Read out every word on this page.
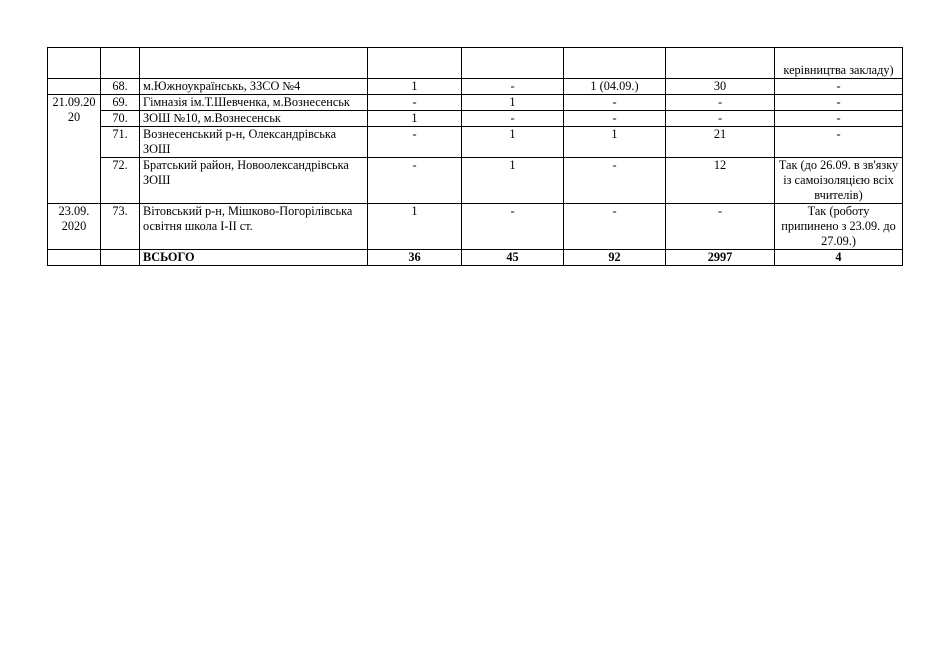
							керівництва закладу)
	68.	м.Южноукраїнськь, ЗЗСО №4	1	-	1 (04.09.)	30	-
21.09.2020	69.	Гімназія ім.Т.Шевченка, м.Вознесенськ	-	1	-	-	-
	70.	ЗОШ №10, м.Вознесенськ	1	-	-	-	-
	71.	Вознесенський р-н, Олександрівська ЗОШ	-	1	1	21	-
	72.	Братський район, Новоолександрівська ЗОШ	-	1	-	12	Так (до 26.09. в зв'язку із самоізоляцією всіх вчителів)
23.09. 2020	73.	Вітовський р-н, Мішково-Погорілівська освітня школа I-II ст.	1	-	-	-	Так (роботу припинено з 23.09. до 27.09.)
		ВСЬОГО	36	45	92	2997	4
